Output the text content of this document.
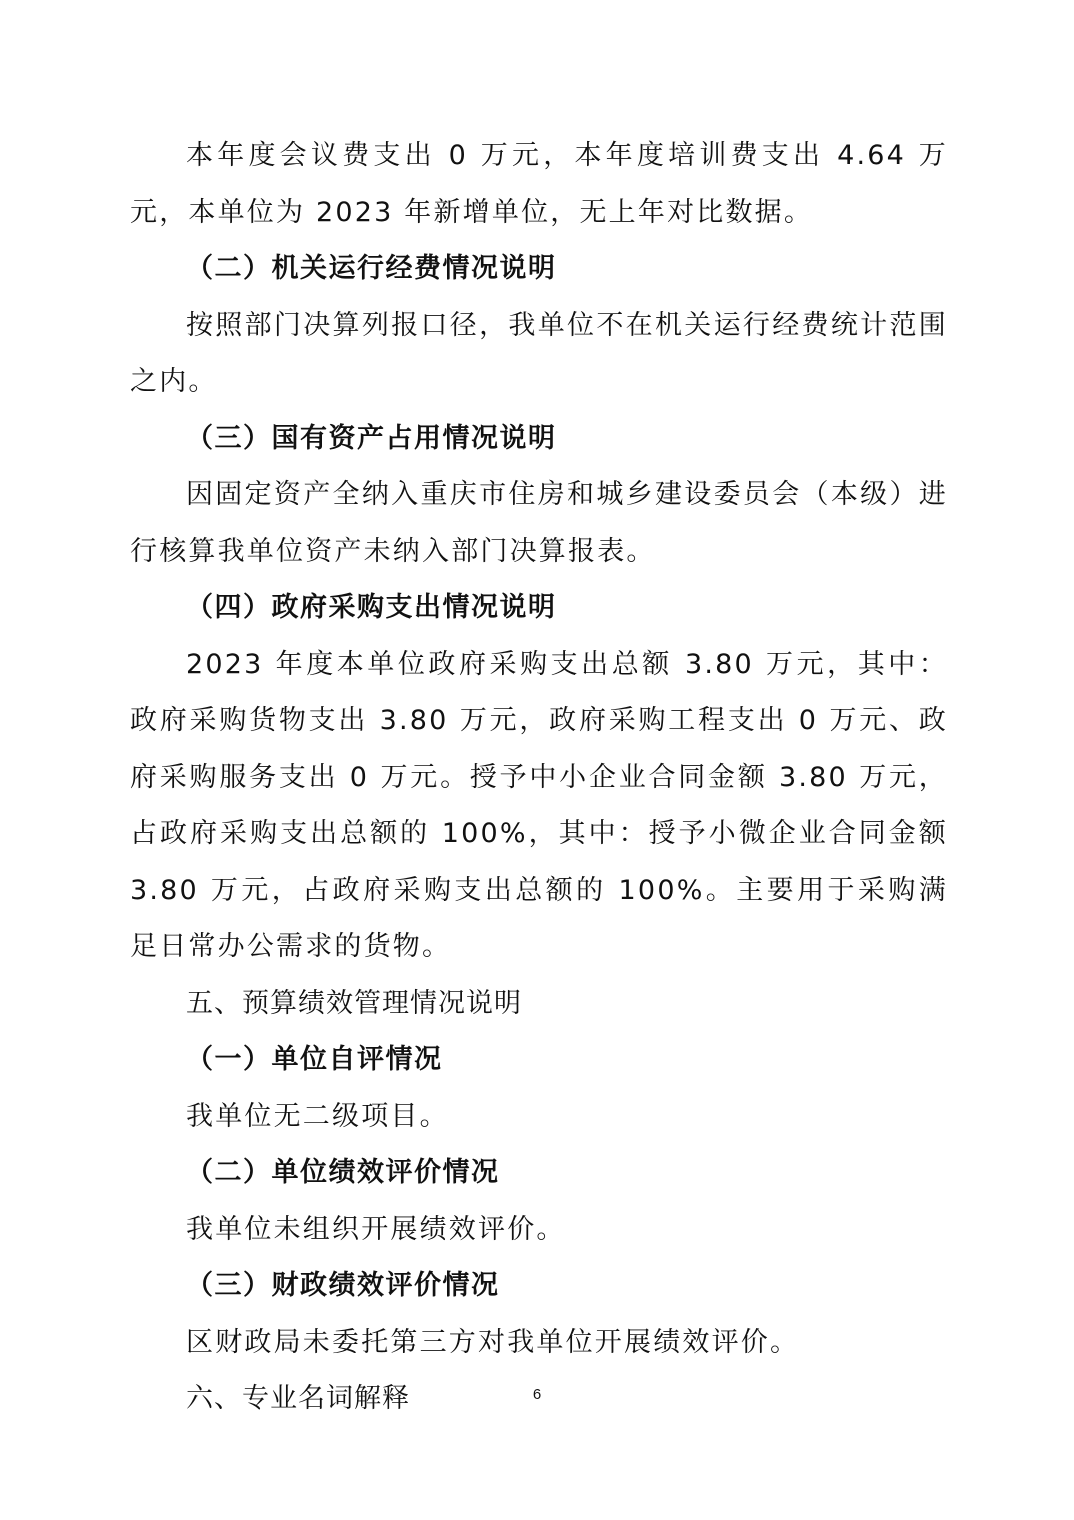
本年度会议费支出 0 万元，本年度培训费支出 4.64 万元，本单位为 2023 年新增单位，无上年对比数据。

（二）机关运行经费情况说明

按照部门决算列报口径，我单位不在机关运行经费统计范围之内。

（三）国有资产占用情况说明

因固定资产全纳入重庆市住房和城乡建设委员会（本级）进行核算我单位资产未纳入部门决算报表。

（四）政府采购支出情况说明

2023 年度本单位政府采购支出总额 3.80 万元，其中：政府采购货物支出 3.80 万元，政府采购工程支出 0 万元、政府采购服务支出 0 万元。授予中小企业合同金额 3.80 万元，占政府采购支出总额的 100%，其中：授予小微企业合同金额 3.80 万元，占政府采购支出总额的 100%。主要用于采购满足日常办公需求的货物。

五、预算绩效管理情况说明

（一）单位自评情况

我单位无二级项目。

（二）单位绩效评价情况

我单位未组织开展绩效评价。

（三）财政绩效评价情况

区财政局未委托第三方对我单位开展绩效评价。

六、专业名词解释	6
